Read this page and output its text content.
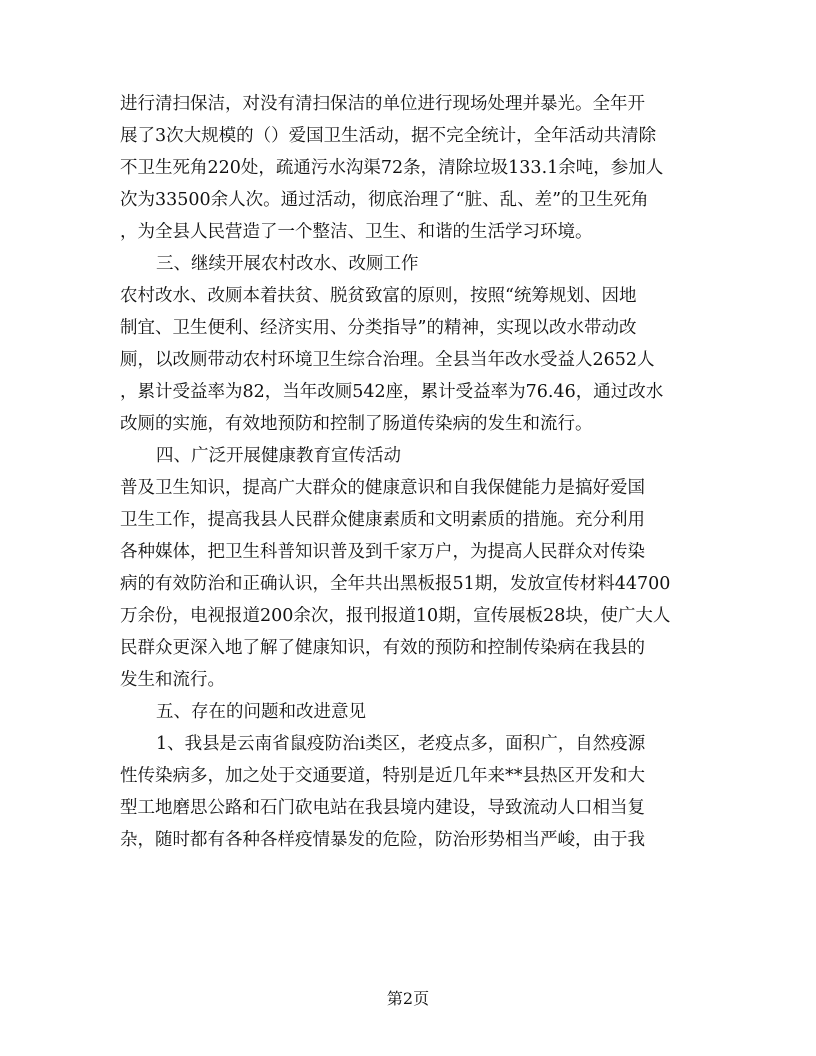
进行清扫保洁，对没有清扫保洁的单位进行现场处理并暴光。全年开
展了3次大规模的（）爱国卫生活动，据不完全统计，全年活动共清除
不卫生死角220处，疏通污水沟渠72条，清除垃圾133.1余吨，参加人
次为33500余人次。通过活动，彻底治理了“脏、乱、差”的卫生死角
，为全县人民营造了一个整洁、卫生、和谐的生活学习环境。
三、继续开展农村改水、改厕工作
农村改水、改厕本着扶贫、脱贫致富的原则，按照“统筹规划、因地
制宜、卫生便利、经济实用、分类指导”的精神，实现以改水带动改
厕，以改厕带动农村环境卫生综合治理。全县当年改水受益人2652人
，累计受益率为82，当年改厕542座，累计受益率为76.46，通过改水
改厕的实施，有效地预防和控制了肠道传染病的发生和流行。
四、广泛开展健康教育宣传活动
普及卫生知识，提高广大群众的健康意识和自我保健能力是搞好爱国
卫生工作，提高我县人民群众健康素质和文明素质的措施。充分利用
各种媒体，把卫生科普知识普及到千家万户，为提高人民群众对传染
病的有效防治和正确认识，全年共出黑板报51期，发放宣传材料44700
万余份，电视报道200余次，报刊报道10期，宣传展板28块，使广大人
民群众更深入地了解了健康知识，有效的预防和控制传染病在我县的
发生和流行。
五、存在的问题和改进意见
1、我县是云南省鼠疫防治i类区，老疫点多，面积广，自然疫源
性传染病多，加之处于交通要道，特别是近几年来**县热区开发和大
型工地磨思公路和石门砍电站在我县境内建设，导致流动人口相当复
杂，随时都有各种各样疫情暴发的危险，防治形势相当严峻，由于我
第2页
